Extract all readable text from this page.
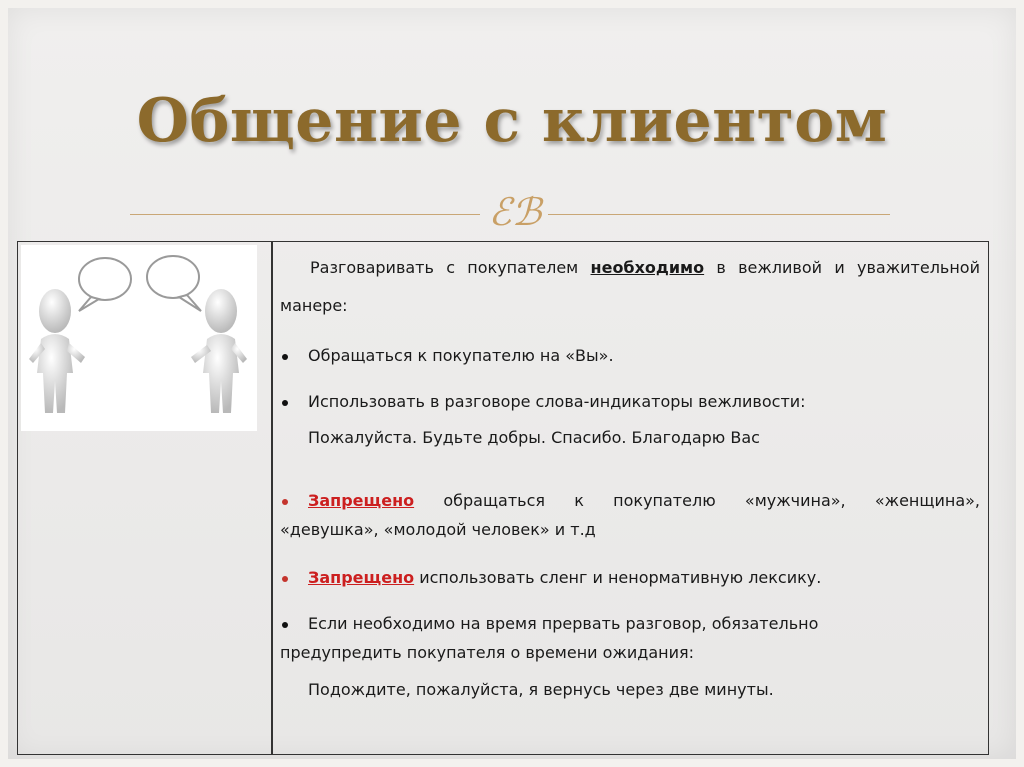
Общение с клиентом
ℰℬ
Разговаривать с покупателем необходимо в вежливой и уважительной
манере:
Обращаться к покупателю на «Вы».
Использовать в разговоре слова-индикаторы вежливости:
Пожалуйста. Будьте добры. Спасибо. Благодарю Вас
Запрещено обращаться к покупателю «мужчина», «женщина»,
«девушка», «молодой человек» и т.д
Запрещено использовать сленг и ненормативную лексику.
Если необходимо на время прервать разговор, обязательно
предупредить покупателя о времени ожидания:
Подождите, пожалуйста, я вернусь через две минуты.
